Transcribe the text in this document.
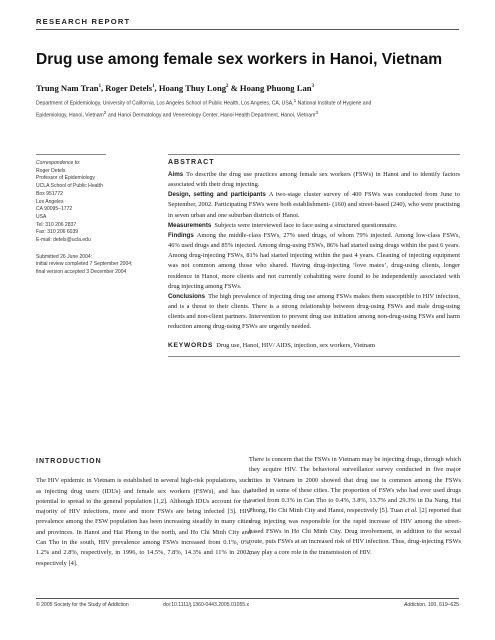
RESEARCH REPORT
Drug use among female sex workers in Hanoi, Vietnam
Trung Nam Tran$^1$, Roger Detels$^1$, Hoang Thuy Long$^2$ & Hoang Phuong Lan$^3$
Department of Epidemiology, University of California, Los Angeles School of Public Health, Los Angeles, CA, USA,$^1$ National Institute of Hygiene and
Epidemiology, Hanoi, Vietnam$^2$ and Hanoi Dermatology and Venereology Center, Hanoi Health Department, Hanoi, Vietnam$^3$
Correspondence to:
Roger Detels
Professor of Epidemiology
UCLA School of Public Health
Box 951772
Los Angeles
CA 90095–1772
USA
Tel: 310 206 2837
Fax: 310 206 6039
E-mail: detels@ucla.edu
Submitted 26 June 2004;
initial review completed 7 September 2004;
final version accepted 3 December 2004
ABSTRACT

Aims To describe the drug use practices among female sex workers (FSWs) in Hanoi and to identify factors associated with their drug injecting.

Design, setting and participants A two-stage cluster survey of 400 FSWs was conducted from June to September, 2002. Participating FSWs were both establishment- (160) and street-based (240), who were practising in seven urban and one suburban districts of Hanoi.

Measurements Subjects were interviewed face to face using a structured questionnaire.

Findings Among the middle-class FSWs, 27% used drugs, of whom 79% injected. Among low-class FSWs, 46% used drugs and 85% injected. Among drug-using FSWs, 86% had started using drugs within the past 6 years. Among drug-injecting FSWs, 81% had started injecting within the past 4 years. Cleaning of injecting equipment was not common among those who shared. Having drug-injecting ‘love mates’, drug-using clients, longer residence in Hanoi, more clients and not currently cohabiting were found to be independently associated with drug injecting among FSWs.

Conclusions The high prevalence of injecting drug use among FSWs makes them susceptible to HIV infection, and is a threat to their clients. There is a strong relationship between drug-using FSWs and male drug-using clients and non-client partners. Intervention to prevent drug use initiation among non-drug-using FSWs and harm reduction among drug-using FSWs are urgently needed.

KEYWORDS Drug use, Hanoi, HIV/ AIDS, injection, sex workers, Vietnam
INTRODUCTION

The HIV epidemic in Vietnam is established in several high-risk populations, such as injecting drug users (IDUs) and female sex workers (FSWs), and has the potential to spread to the general population [1,2]. Although IDUs account for the majority of HIV infections, more and more FSWs are being infected [3]. HIV prevalence among the FSW population has been increasing steadily in many cities and provinces. In Hanoi and Hai Phong in the north, and Ho Chi Minh City and Can Tho in the south, HIV prevalence among FSWs increased from 0.1%, 0%, 1.2% and 2.8%, respectively, in 1996, to 14.5%, 7.8%, 14.3% and 11% in 2002, respectively [4].

There is concern that the FSWs in Vietnam may be injecting drugs, through which they acquire HIV. The behavioral surveillance survey conducted in five major cities in Vietnam in 2000 showed that drug use is common among the FSWs studied in some of these cities. The proportion of FSWs who had ever used drugs varied from 0.3% in Can Tho to 0.4%, 3.8%, 13.7% and 29.3% in Da Nang, Hai Phong, Ho Chi Minh City and Hanoi, respectively [5]. Tuan et al. [2] reported that drug injecting was responsible for the rapid increase of HIV among the street-based FSWs in Ho Chi Minh City. Drug involvement, in addition to the sexual route, puts FSWs at an increased risk of HIV infection. Thus, drug-injecting FSWs may play a core role in the transmission of HIV.

© 2005 Society for the Study of Addiction	doi:10.1111/j.1360-0443.2005.01055.x	Addiction, 100, 619–625
